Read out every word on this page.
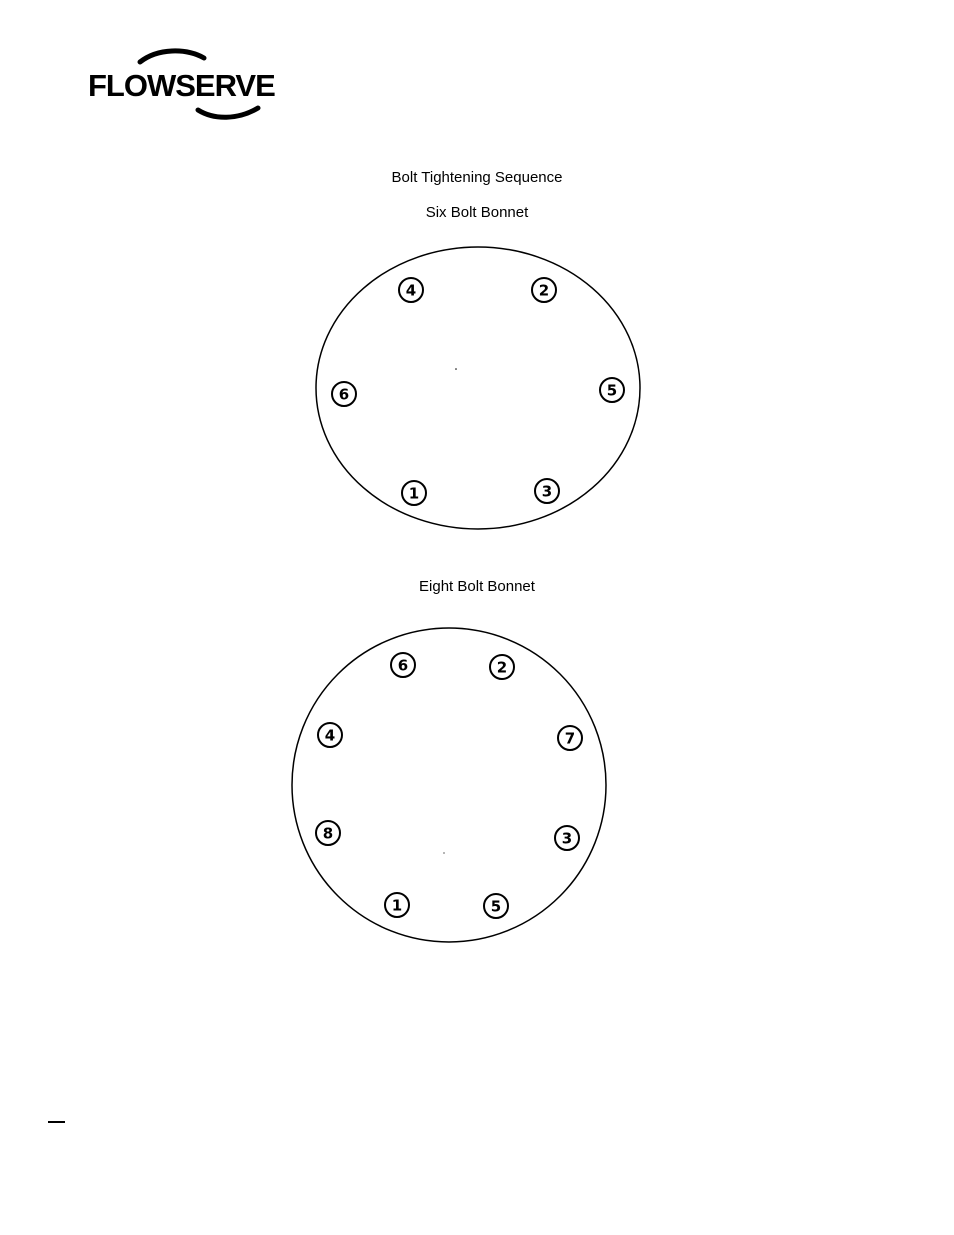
FLOWSERVE
Bolt Tightening Sequence
Six Bolt Bonnet
4	2
6	5
1	3
Eight Bolt Bonnet
6	2
4	7
8	3
1	5
